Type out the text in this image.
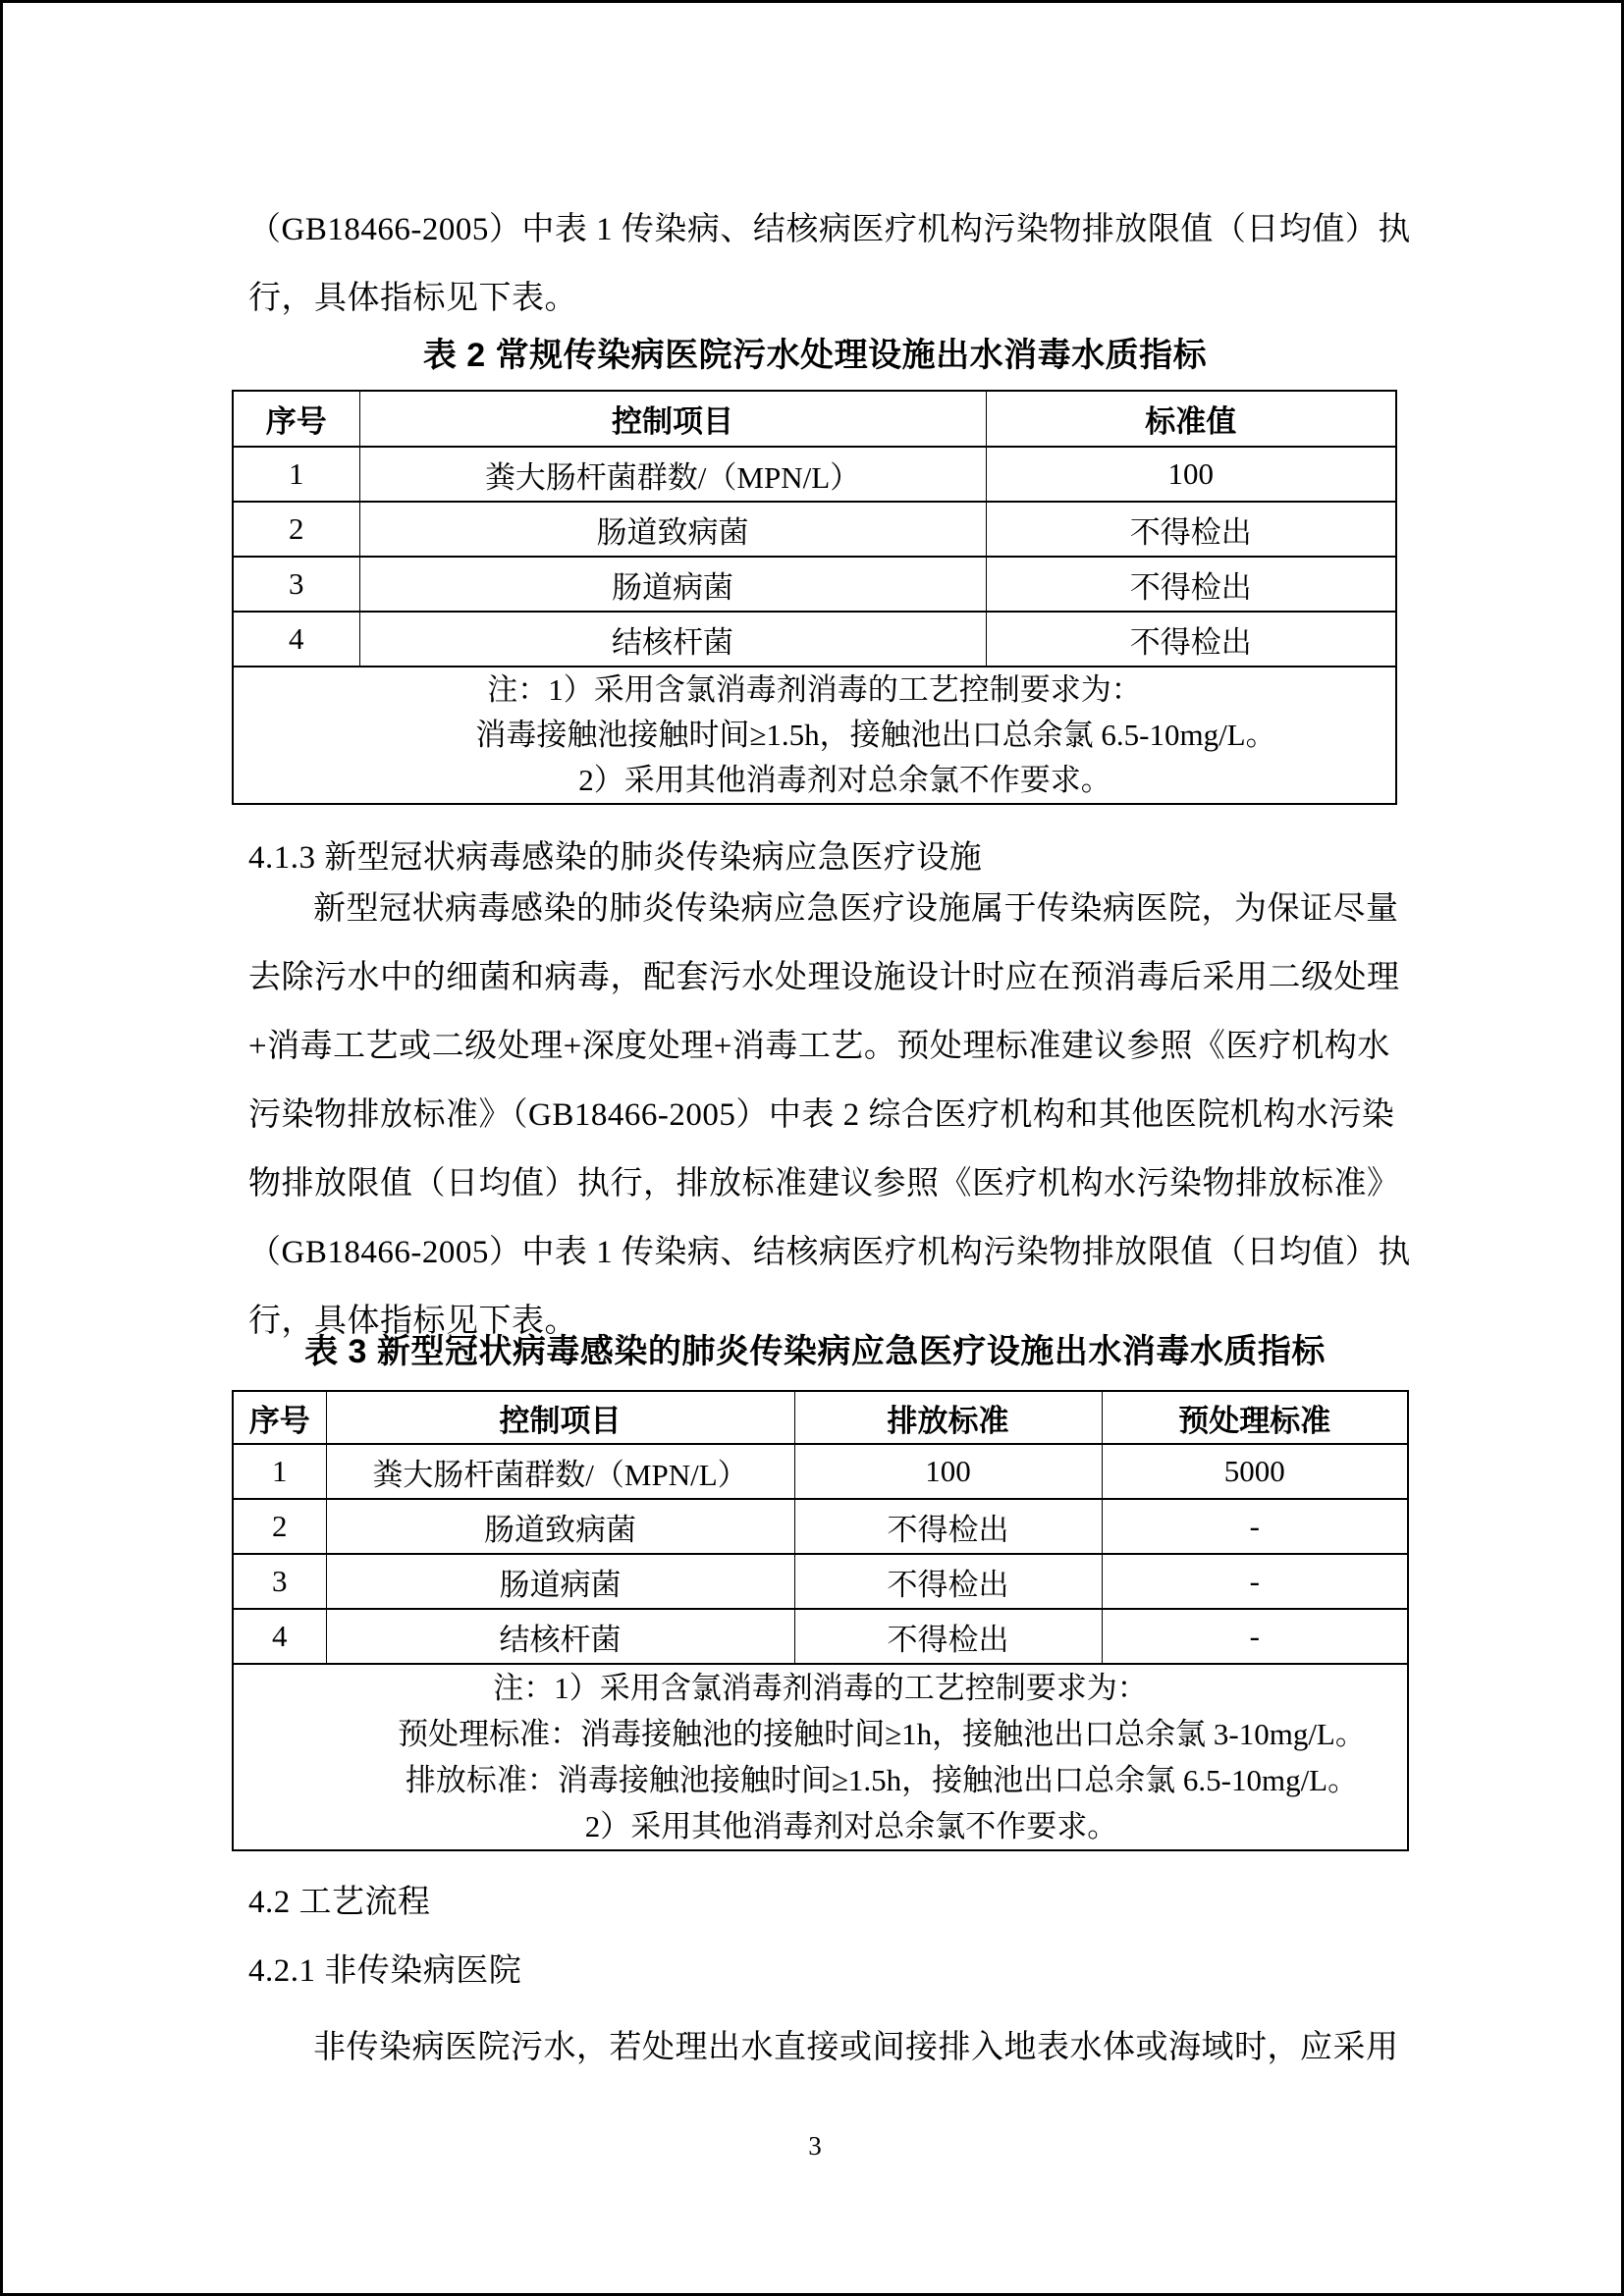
（GB18466-2005）中表 1 传染病、结核病医疗机构污染物排放限值（日均值）执
行，具体指标见下表。
表 2 常规传染病医院污水处理设施出水消毒水质指标
序号	控制项目	标准值
1	粪大肠杆菌群数/（MPN/L）	100
2	肠道致病菌	不得检出
3	肠道病菌	不得检出
4	结核杆菌	不得检出

注：1）采用含氯消毒剂消毒的工艺控制要求为：
消毒接触池接触时间≥1.5h，接触池出口总余氯 6.5-10mg/L。
2）采用其他消毒剂对总余氯不作要求。		
4.1.3 新型冠状病毒感染的肺炎传染病应急医疗设施
新型冠状病毒感染的肺炎传染病应急医疗设施属于传染病医院，为保证尽量
去除污水中的细菌和病毒，配套污水处理设施设计时应在预消毒后采用二级处理
+消毒工艺或二级处理+深度处理+消毒工艺。预处理标准建议参照《医疗机构水
污染物排放标准》（GB18466-2005）中表 2 综合医疗机构和其他医院机构水污染
物排放限值（日均值）执行，排放标准建议参照《医疗机构水污染物排放标准》
（GB18466-2005）中表 1 传染病、结核病医疗机构污染物排放限值（日均值）执
行，具体指标见下表。
表 3 新型冠状病毒感染的肺炎传染病应急医疗设施出水消毒水质指标
序号	控制项目	排放标准	预处理标准
1	粪大肠杆菌群数/（MPN/L）	100	5000
2	肠道致病菌	不得检出	-
3	肠道病菌	不得检出	-
4	结核杆菌	不得检出	-

注：1）采用含氯消毒剂消毒的工艺控制要求为：
预处理标准：消毒接触池的接触时间≥1h，接触池出口总余氯 3-10mg/L。
排放标准：消毒接触池接触时间≥1.5h，接触池出口总余氯 6.5-10mg/L。
2）采用其他消毒剂对总余氯不作要求。			
4.2 工艺流程
4.2.1 非传染病医院
非传染病医院污水，若处理出水直接或间接排入地表水体或海域时，应采用
3
